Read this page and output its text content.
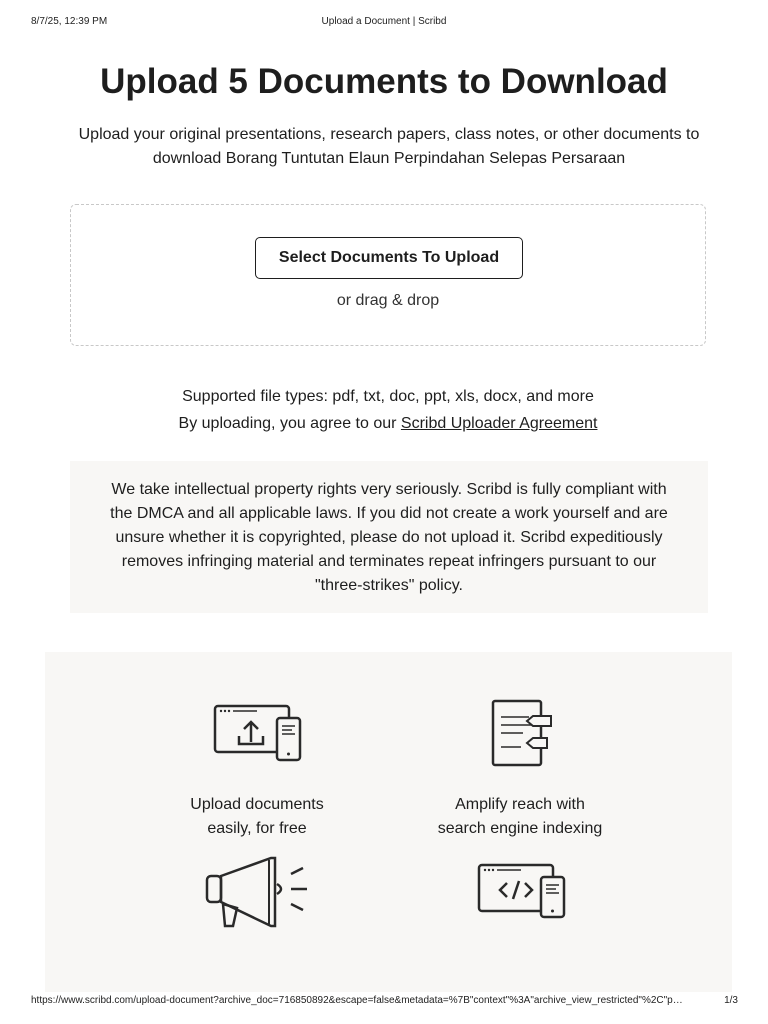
8/7/25, 12:39 PM	Upload a Document | Scribd
Upload 5 Documents to Download

Upload your original presentations, research papers, class notes, or other documents to
download Borang Tuntutan Elaun Perpindahan Selepas Persaraan

Select Documents To Upload
or drag & drop
Supported file types: pdf, txt, doc, ppt, xls, docx, and more
By uploading, you agree to our Scribd Uploader Agreement
We take intellectual property rights very seriously. Scribd is fully compliant with
the DMCA and all applicable laws. If you did not create a work yourself and are
unsure whether it is copyrighted, please do not upload it. Scribd expeditiously
removes infringing material and terminates repeat infringers pursuant to our
"three-strikes" policy.
Upload documents
easily, for free
Amplify reach with
search engine indexing
https://www.scribd.com/upload-document?archive_doc=716850892&escape=false&metadata=%7B"context"%3A"archive_view_restricted"%2C"p…	1/3
